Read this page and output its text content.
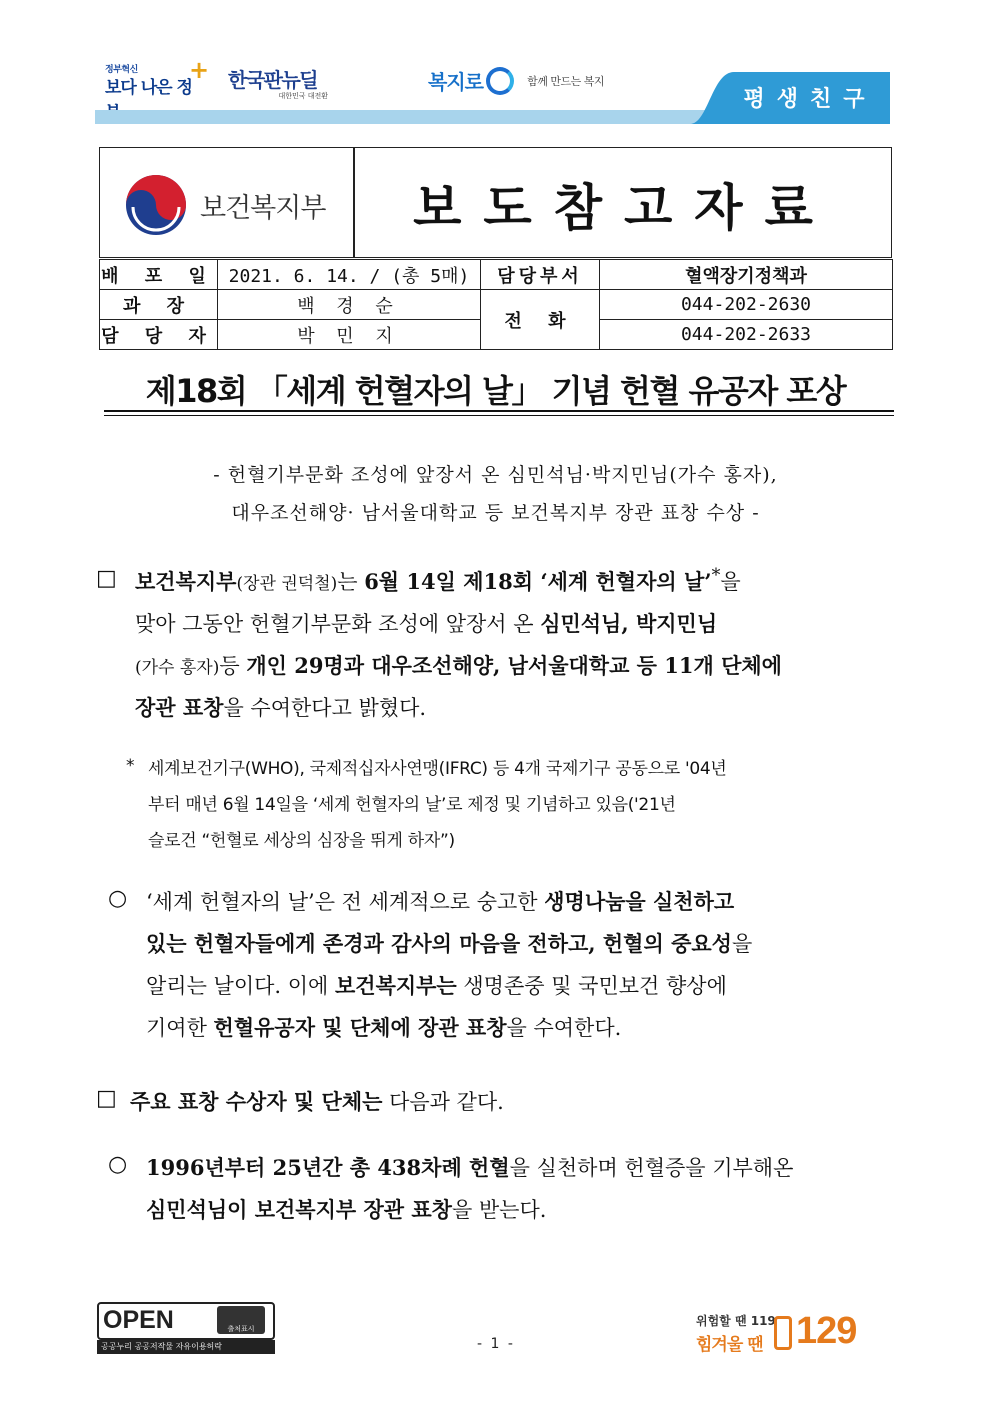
정부혁신
보다 나은 정
+ 한국판뉴딜
대한민국 대전환
복지로	함께 만드는 복지
평생친구
보건복지부	보도참고자료
배 포 일	2021. 6. 14. / (총 5매)	담당부서	혈액장기정책과
과 장	백 경 순	전 화	044-202-2630
담 당 자	박 민 지		044-202-2633
제18회 「세계 헌혈자의 날」 기념 헌혈 유공자 포상
- 헌혈기부문화 조성에 앞장서 온 심민석님·박지민님(가수 홍자),
대우조선해양· 남서울대학교 등 보건복지부 장관 표창 수상 -
□ 보건복지부(장관 권덕철)는 6월 14일 제18회 ‘세계 헌혈자의 날’*을
맞아 그동안 헌혈기부문화 조성에 앞장서 온 심민석님, 박지민님
(가수 홍자)등 개인 29명과 대우조선해양, 남서울대학교 등 11개 단체에
장관 표창을 수여한다고 밝혔다.
* 세계보건기구(WHO), 국제적십자사연맹(IFRC) 등 4개 국제기구 공동으로 '04년
부터 매년 6월 14일을 ‘세계 헌혈자의 날’로 제정 및 기념하고 있음('21년
슬로건 “헌혈로 세상의 심장을 뛰게 하자”)
○ ‘세계 헌혈자의 날’은 전 세계적으로 숭고한 생명나눔을 실천하고
있는 헌혈자들에게 존경과 감사의 마음을 전하고, 헌혈의 중요성을
알리는 날이다. 이에 보건복지부는 생명존중 및 국민보건 향상에
기여한 헌혈유공자 및 단체에 장관 표창을 수여한다.
□ 주요 표창 수상자 및 단체는 다음과 같다.
○ 1996년부터 25년간 총 438차례 헌혈을 실천하며 헌혈증을 기부해온
심민석님이 보건복지부 장관 표창을 받는다.
OPEN	출처표시
공공누리 공공저작물 자유이용허락	- 1 -
위험할 땐 119
힘겨울 땐 129
